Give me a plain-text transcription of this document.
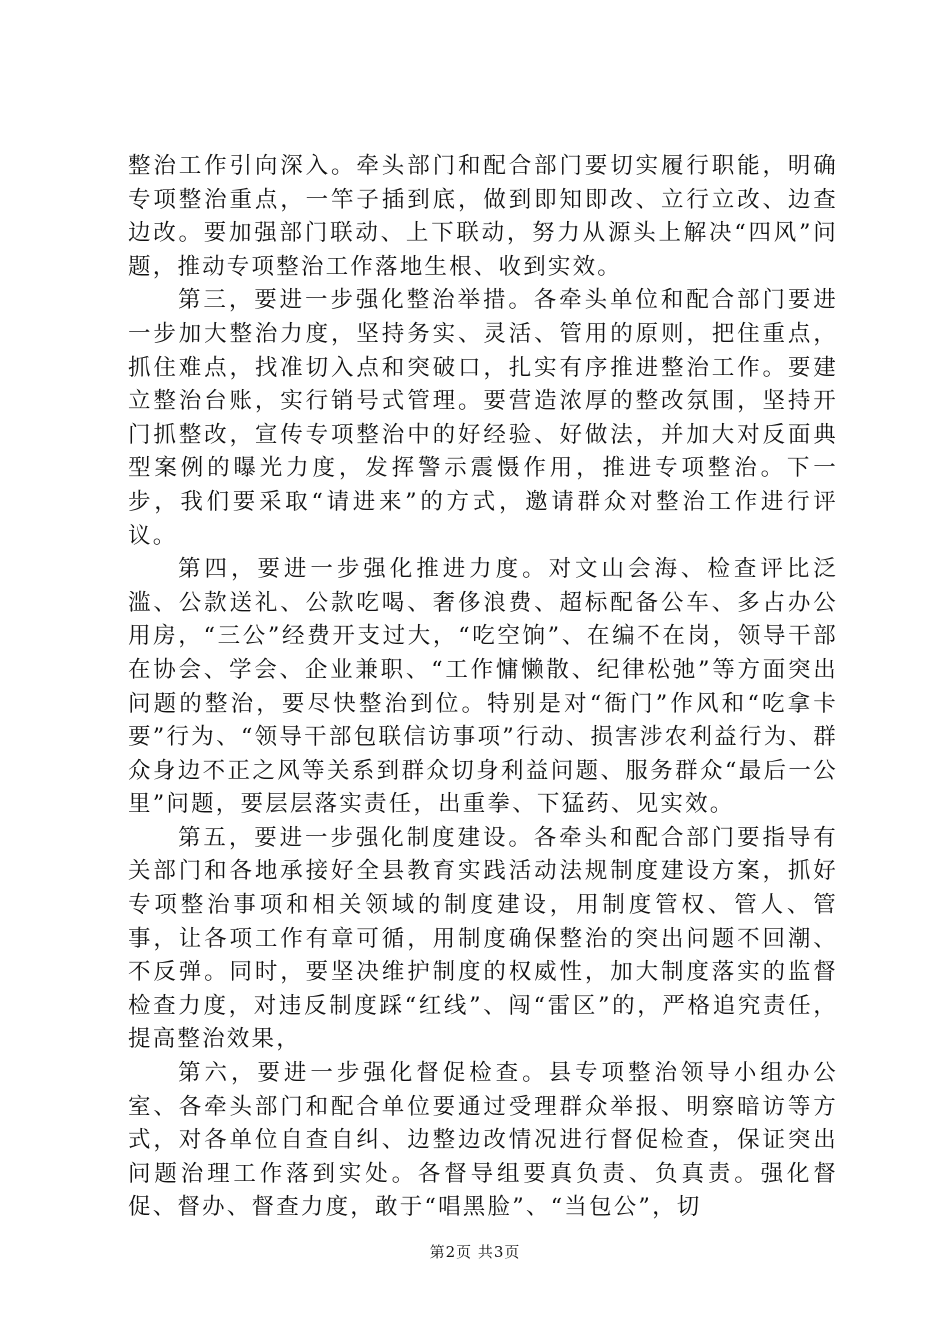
整治工作引向深入。牵头部门和配合部门要切实履行职能，明确专项整治重点，一竿子插到底，做到即知即改、立行立改、边查边改。要加强部门联动、上下联动，努力从源头上解决“四风”问题，推动专项整治工作落地生根、收到实效。

第三，要进一步强化整治举措。各牵头单位和配合部门要进一步加大整治力度，坚持务实、灵活、管用的原则，把住重点，抓住难点，找准切入点和突破口，扎实有序推进整治工作。要建立整治台账，实行销号式管理。要营造浓厚的整改氛围，坚持开门抓整改，宣传专项整治中的好经验、好做法，并加大对反面典型案例的曝光力度，发挥警示震慑作用，推进专项整治。下一步，我们要采取“请进来”的方式，邀请群众对整治工作进行评议。

第四，要进一步强化推进力度。对文山会海、检查评比泛滥、公款送礼、公款吃喝、奢侈浪费、超标配备公车、多占办公用房，“三公”经费开支过大，“吃空饷”、在编不在岗，领导干部在协会、学会、企业兼职、“工作慵懒散、纪律松弛”等方面突出问题的整治，要尽快整治到位。特别是对“衙门”作风和“吃拿卡要”行为、“领导干部包联信访事项”行动、损害涉农利益行为、群众身边不正之风等关系到群众切身利益问题、服务群众“最后一公里”问题，要层层落实责任，出重拳、下猛药、见实效。

第五，要进一步强化制度建设。各牵头和配合部门要指导有关部门和各地承接好全县教育实践活动法规制度建设方案，抓好专项整治事项和相关领域的制度建设，用制度管权、管人、管事，让各项工作有章可循，用制度确保整治的突出问题不回潮、不反弹。同时，要坚决维护制度的权威性，加大制度落实的监督检查力度，对违反制度踩“红线”、闯“雷区”的，严格追究责任，提高整治效果，

第六，要进一步强化督促检查。县专项整治领导小组办公室、各牵头部门和配合单位要通过受理群众举报、明察暗访等方式，对各单位自查自纠、边整边改情况进行督促检查，保证突出问题治理工作落到实处。各督导组要真负责、负真责。强化督促、督办、督查力度，敢于“唱黑脸”、“当包公”，切

第2页 共3页
